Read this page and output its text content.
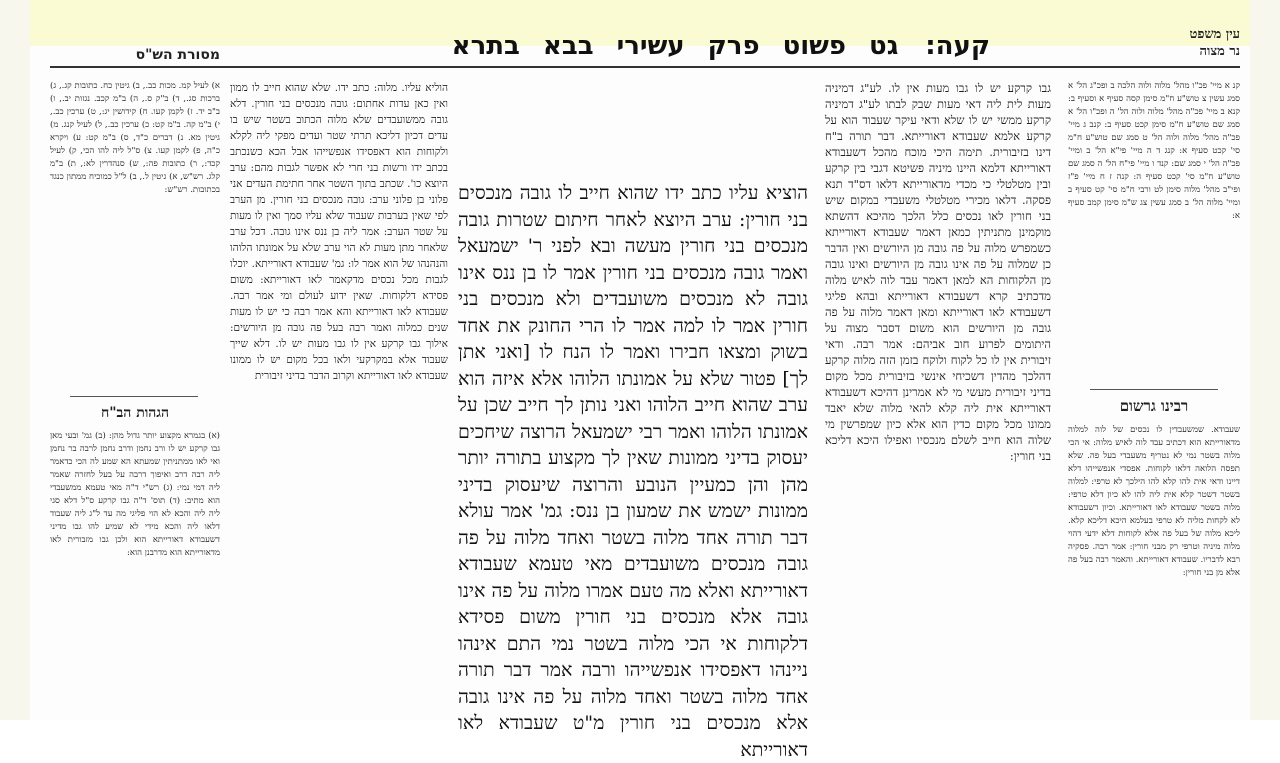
עין משפט
נר מצוה
קעה:
גט פשוט פרק עשירי בבא בתרא
מסורת הש"ס
קנ א מיי' פכ"ו מהל' מלוה ולוה הלכה ב ופכ"ג הל' א סמג עשין צ טוש"ע ח"מ סימן קסה סעיף א וסעיף ב: קנא ב מיי' פכ"ה מהל' מלוה ולוה הל' ה ופכ"ו הל' א סמג שם טוש"ע ח"מ סימן קכט סעיף ב: קנב ג מיי' פכ"ה מהל' מלוה ולוה הל' ט סמג שם טוש"ע ח"מ סי' קכט סעיף א: קנג ד ה מיי' פי"א הל' ב ומיי' פכ"ה הל' י סמג שם: קנד ו מיי' פי"ח הל' ה סמג שם טוש"ע ח"מ סי' קכט סעיף ה: קנה ז ח מיי' פ"ז ופי"ב מהל' מלוה סימן לט ורבי ח"מ סי' קט סעיף ב ומיי' מלוה הל' ב סמג עשין צג ש"מ סימן קמב סעיף א:
רבינו גרשום
שעבודא. שמשעבדין לו נכסים של לוה למלוה מדאורייתא הוא דכתיב עבד לוה לאיש מלוה: אי הכי מלוה בשטר נמי לא נטריף משעבדי בעל פה. שלא תפסה הלואה דלאו לקוחות. אפסדי אנפשייהו דלא דיינו ודאי אית להו קלא להו הילכך לא טרפי: למלוה בשטר דשטר קלא אית ליה להו לא כיון דלא טרפי: מלוה בשטר שעבודא לאו דאורייתא. וכיון דשעבודא לא לקחות מליה לא טרפי בעלמא היכא דליכא קלא. ליכא מלוה של בעל פה אלא לקוחות דלא ידעי דהוי מלוה מיניה וטרפי רק מבני חורין: אמר רבה. פסקיה רבא לדבריו. שעבודא דאורייתא. והאמר רבה בעל פה אלא מן בני חורין:
גבו קרקע יש לו גבו מעות אין לו. לע"ג דמיניה מעות לית ליה דאי מעות שבק לבתו לע"ג דמיניה קרקע ממשי יש לו שלא ודאי עיקר שעבוד הוא על קרקע אלמא שעבודא דאורייתא. דבר תורה ב"ח דינו בזיבורית. תימה היכי מוכח מהכל דשעבודא דאורייתא דלמא היינו מיניה פשיטא דגבי בין קרקע ובין מטלטלי כי מכדי מדאורייתא דלאו דס"ד תנא פסקה. דלאו מכירי מטלטלי משעבדי במקום שיש בני חורין לאו נכסים כלל הלכך מהיכא דהשתא מוקמינן מתניתין כמאן דאמר שעבודא דאורייתא כשמפרש מלוה על פה גובה מן היורשים ואין הדבר כן שמלוה על פה אינו גובה מן היורשים ואינו גובה מן הלקוחות הא למאן דאמר עבד לוה לאיש מלוה מדכתיב קרא דשעבודא דאורייתא ובהא פליגי דשעבודא לאו דאורייתא ומאן דאמר מלוה על פה גובה מן היורשים הוא משום דסבר מצוה על היתומים לפרוע חוב אביהם: אמר רבה. ודאי זיבורית אין לו כל לקוח ולוקח בזמן הזה מלוה קרקע דהלכך מהדין דשכיחי אינשי בזיבורית מכל מקום בדיני זיבורית מעשי מי לא אמרינן דהיכא דשעבודא דאורייתא אית ליה קלא להאי מלוה שלא יאבד ממונו מכל מקום כדין הוא אלא כיון שמפרשין מי שלוה הוא חייב לשלם מנכסיו ואפילו היכא דליכא בני חורין:
הוציא עליו כתב ידו שהוא חייב לו גובה מנכסים בני חורין: ערב היוצא לאחר חיתום שטרות גובה מנכסים בני חורין מעשה ובא לפני ר' ישמעאל ואמר גובה מנכסים בני חורין אמר לו בן ננס אינו גובה לא מנכסים משועבדים ולא מנכסים בני חורין אמר לו למה אמר לו הרי החונק את אחד בשוק ומצאו חבירו ואמר לו הנח לו [ואני אתן לך] פטור שלא על אמונתו הלוהו אלא איזה הוא ערב שהוא חייב הלוהו ואני נותן לך חייב שכן על אמונתו הלוהו ואמר רבי ישמעאל הרוצה שיחכים יעסוק בדיני ממונות שאין לך מקצוע בתורה יותר מהן והן כמעיין הנובע והרוצה שיעסוק בדיני ממונות ישמש את שמעון בן ננס: גמ' אמר עולא דבר תורה אחד מלוה בשטר ואחד מלוה על פה גובה מנכסים משועבדים מאי טעמא שעבודא דאורייתא ואלא מה טעם אמרו מלוה על פה אינו גובה אלא מנכסים בני חורין משום פסידא דלקוחות אי הכי מלוה בשטר נמי התם אינהו ניינהו דאפסידו אנפשייהו ורבה אמר דבר תורה אחד מלוה בשטר ואחד מלוה על פה אינו גובה אלא מנכסים בני חורין מ"ט שעבודא לאו דאורייתא
הוליא עליו. מלוה: כתב ידו. שלא שהוא חייב לו ממון ואין כאן עדות אחתום: גובה מנכסים בני חורין. דלא גובה ממשועבדים שלא מלוה הכתוב בשטר שיש בו עדים דכיון דליכא תרתי שטר ועדים מפקי ליה לקלא ולקוחות הוא דאפסידו אנפשייהו אבל הכא כשנכתב בכתב ידו ורשות בני חרי לא אפשר לגבות מהם: ערב היוצא כו'. שכתב בתוך השטר אחר חתימת העדים אני פלוני בן פלוני ערב: גובה מנכסים בני חורין. מן הערב לפי שאין בערבות שעבוד שלא עליו סמך ואין לו מעות על שטר הערב: אמר ליה בן ננס אינו גובה. דכל ערב שלאחר מתן מעות לא הוי ערב שלא על אמונתו הלוהו והנהנהו של הוא אמר לו: גמ' שעבודא דאורייתא. יוכלו לגבות מכל נכסים מדקאמר לאו דאורייתא: משום פסידא דלקוחות. שאין ידוע לעולם ומי אמר רבה. שעבודא לאו דאורייתא והא אמר רבה כי יש לו מעות שנים כמלוה ואמר רבה בעל פה גובה מן היורשים: אילוך גבו קרקע אין לו גבו מעות יש לו. דלא שייך שעבוד אלא במקרקעי ולאו בכל מקום יש לו ממונו שעבודא לאו דאורייתא וקרוב הדבר בדיני זיבורית
א) לעיל קמ. מכות כב., ב) גיטין כח. כתובות קג., ג) ברכות סג., ד) ב"ק ס., ה) ב"מ קכב. נגזות יב., ו) ב"ב יד. ז) לקמן קעו. ח) קידושין יג:, ט) ערכין כב., י) ב"מ קה. ב"מ קט: כ) ערכין כב., ל) לעיל קנג. מ) גיטין מא. נ) דברים כ"ד, ס) ב"מ קט: ע) ויקרא כ"ה, פ) לקמן קעו. צ) ס"ל ליה להו הכי, ק) לעיל קכד:, ר) כתובות פה:, ש) סנהדרין לא:, ת) ב"מ קלג. רש"ש, א) גיטין ל., ב) ל"ל כמוכיח ממתון כנגד בכתובות. רש"ש:
הגהות הב"ח
(א) בגמרא מקצוע יותר גדול מהן: (ב) גמ' ובעי מאן גבו קרקע יש לו ורב נחמן ודרב נחמן לרבה בר נחמן ואי לאו ממתניתין שמעתא הא שמע לה הכי כדאמר ליה רבה דרב ואיפוך דרבה על בעל לחזרה שאמר ליה דמי נמי: (ג) רש"י ד"ה מאי טעמא ממשעבדי הוא מתיב: (ד) תוס' ד"ה גבו קרקע ס"ל דלא סגי ליה ליה והכא לא הוי פליגי מה עד ל"ג ליה שעבוד דלאו ליה והכא מידי לא שמיע להו גבו מדיני דשעבודא דאורייתא הוא ולכן גבו מזבורית לאו מדאורייתא הוא מדרבנן הוא:
